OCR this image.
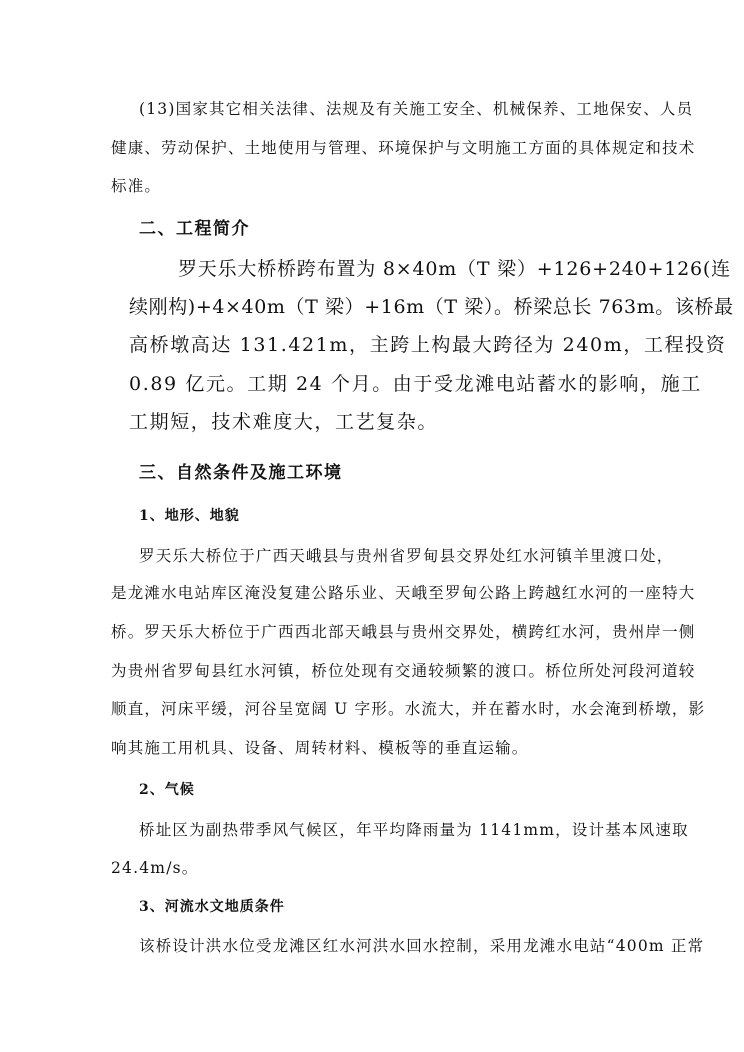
(13)国家其它相关法律、法规及有关施工安全、机械保养、工地保安、人员
健康、劳动保护、土地使用与管理、环境保护与文明施工方面的具体规定和技术
标准。
二、工程简介
罗天乐大桥桥跨布置为 8×40m（T 梁）+126+240+126(连
续刚构)+4×40m（T 梁）+16m（T 梁）。桥梁总长 763m。该桥最
高桥墩高达 131.421m，主跨上构最大跨径为 240m，工程投资
0.89 亿元。工期 24 个月。由于受龙滩电站蓄水的影响，施工
工期短，技术难度大，工艺复杂。
三、自然条件及施工环境
1、地形、地貌
罗天乐大桥位于广西天峨县与贵州省罗甸县交界处红水河镇羊里渡口处，
是龙滩水电站库区淹没复建公路乐业、天峨至罗甸公路上跨越红水河的一座特大
桥。罗天乐大桥位于广西西北部天峨县与贵州交界处，横跨红水河，贵州岸一侧
为贵州省罗甸县红水河镇，桥位处现有交通较频繁的渡口。桥位所处河段河道较
顺直，河床平缓，河谷呈宽阔 U 字形。水流大，并在蓄水时，水会淹到桥墩，影
响其施工用机具、设备、周转材料、模板等的垂直运输。
2、气候
桥址区为副热带季风气候区，年平均降雨量为 1141mm，设计基本风速取
24.4m/s。
3、河流水文地质条件
该桥设计洪水位受龙滩区红水河洪水回水控制，采用龙滩水电站“400m 正常
